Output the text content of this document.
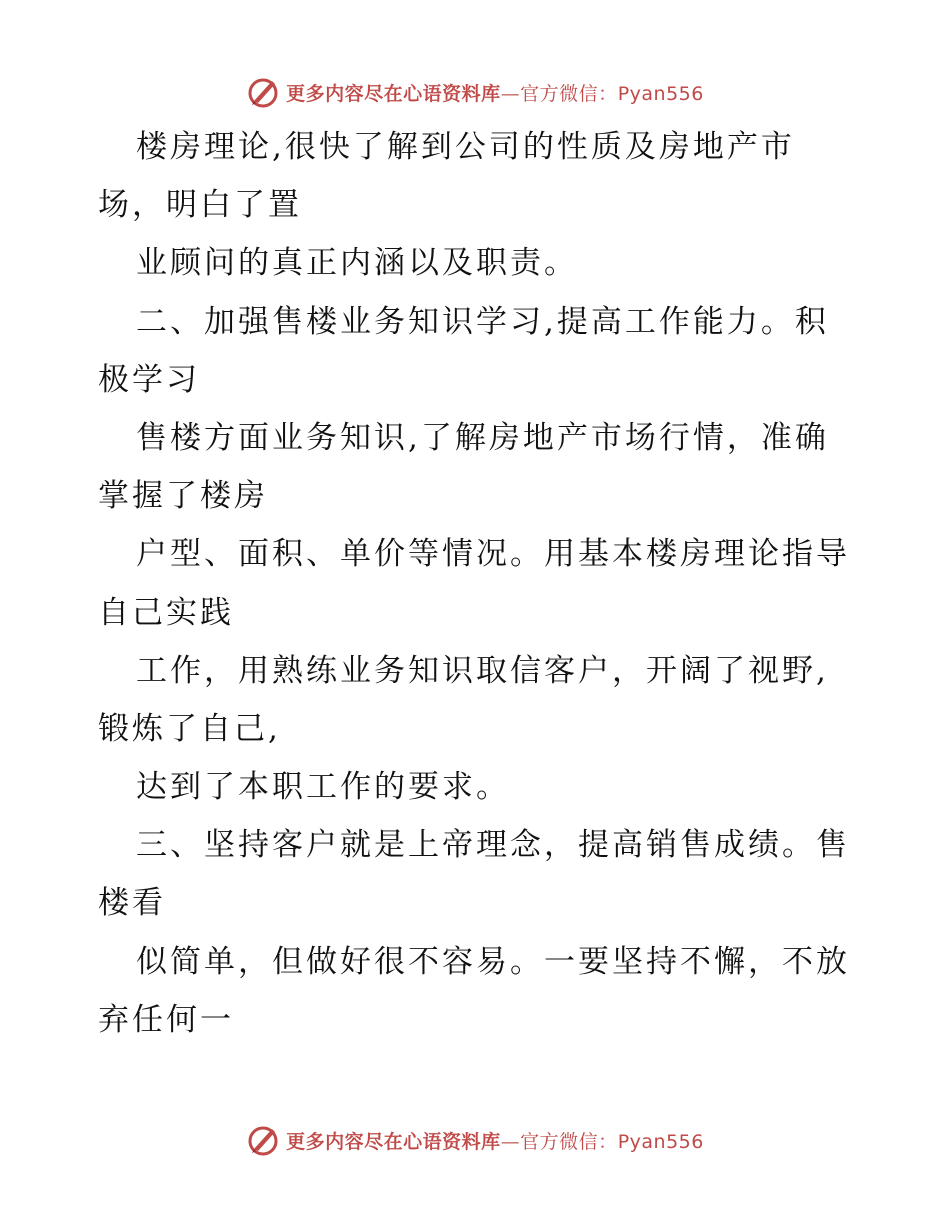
更多内容尽在心语资料库—官方微信：Pyan556
楼房理论,很快了解到公司的性质及房地产市
场，明白了置
业顾问的真正内涵以及职责。
二、加强售楼业务知识学习,提高工作能力。积
极学习
售楼方面业务知识,了解房地产市场行情，准确
掌握了楼房
户型、面积、单价等情况。用基本楼房理论指导
自己实践
工作，用熟练业务知识取信客户，开阔了视野,
锻炼了自己,
达到了本职工作的要求。
三、坚持客户就是上帝理念，提高销售成绩。售
楼看
似简单，但做好很不容易。一要坚持不懈，不放
弃任何一
更多内容尽在心语资料库—官方微信：Pyan556
